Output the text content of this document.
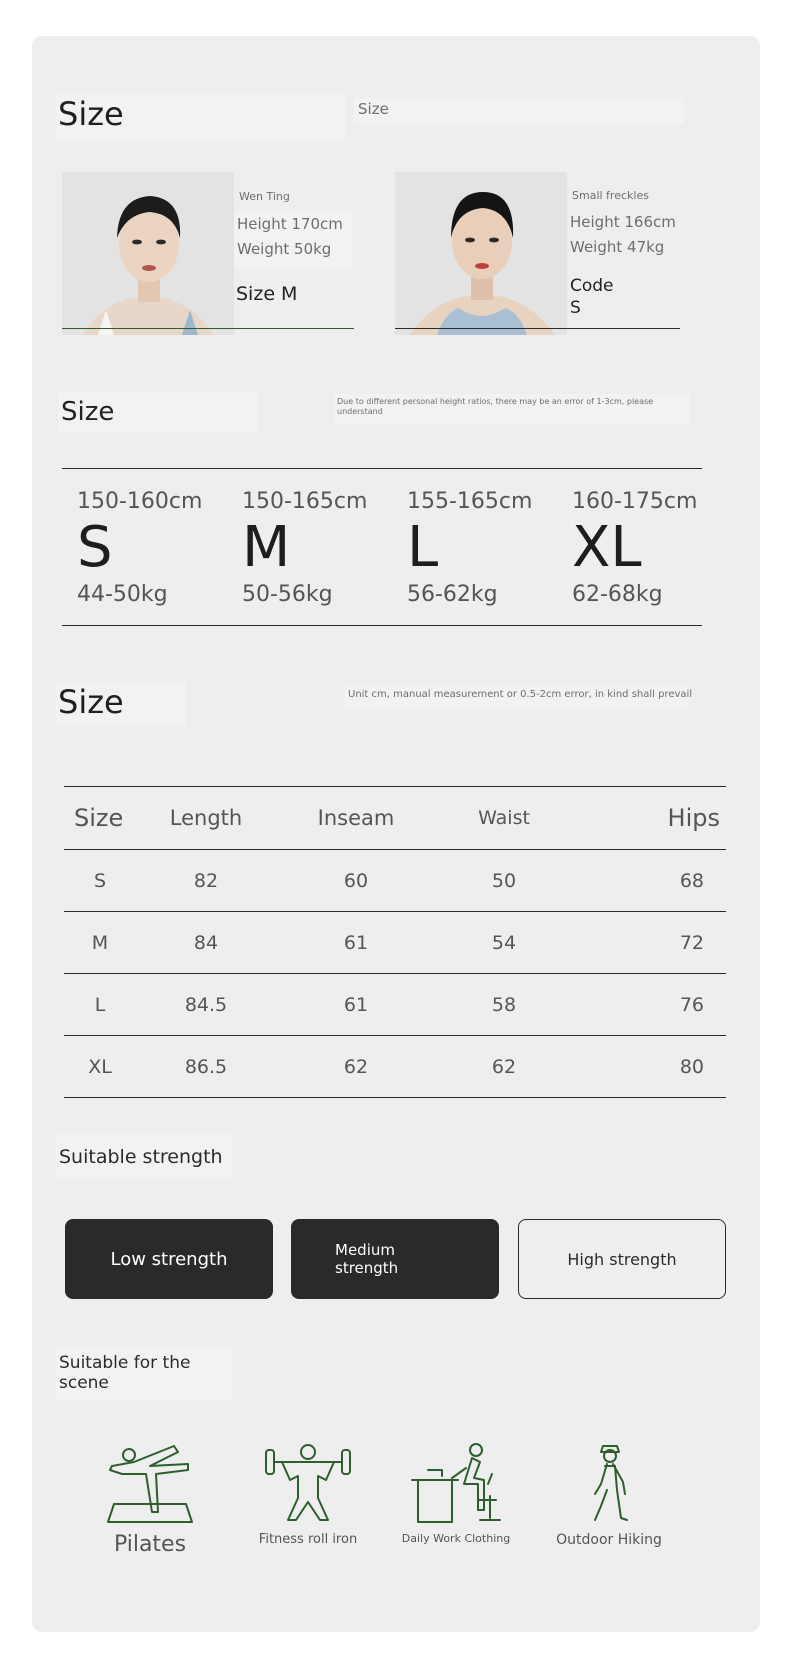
Size	Size
Wen Ting
Height 170cm
Weight 50kg
Size M
Small freckles
Height 166cm
Weight 47kg
Code
S
Size	Due to different personal height ratios, there may be an error of 1-3cm, please understand
150-160cm
S
44-50kg
150-165cm
M
50-56kg
155-165cm
L
56-62kg
160-175cm
XL
62-68kg
Size	Unit cm, manual measurement or 0.5-2cm error, in kind shall prevail
Size	Length	Inseam	Waist	Hips
S	82	60	50	68
M	84	61	54	72
L	84.5	61	58	76
XL	86.5	62	62	80
Suitable strength
Low strength	Medium strength	High strength
Suitable for the scene
Pilates	Fitness roll iron	Daily Work Clothing	Outdoor Hiking
